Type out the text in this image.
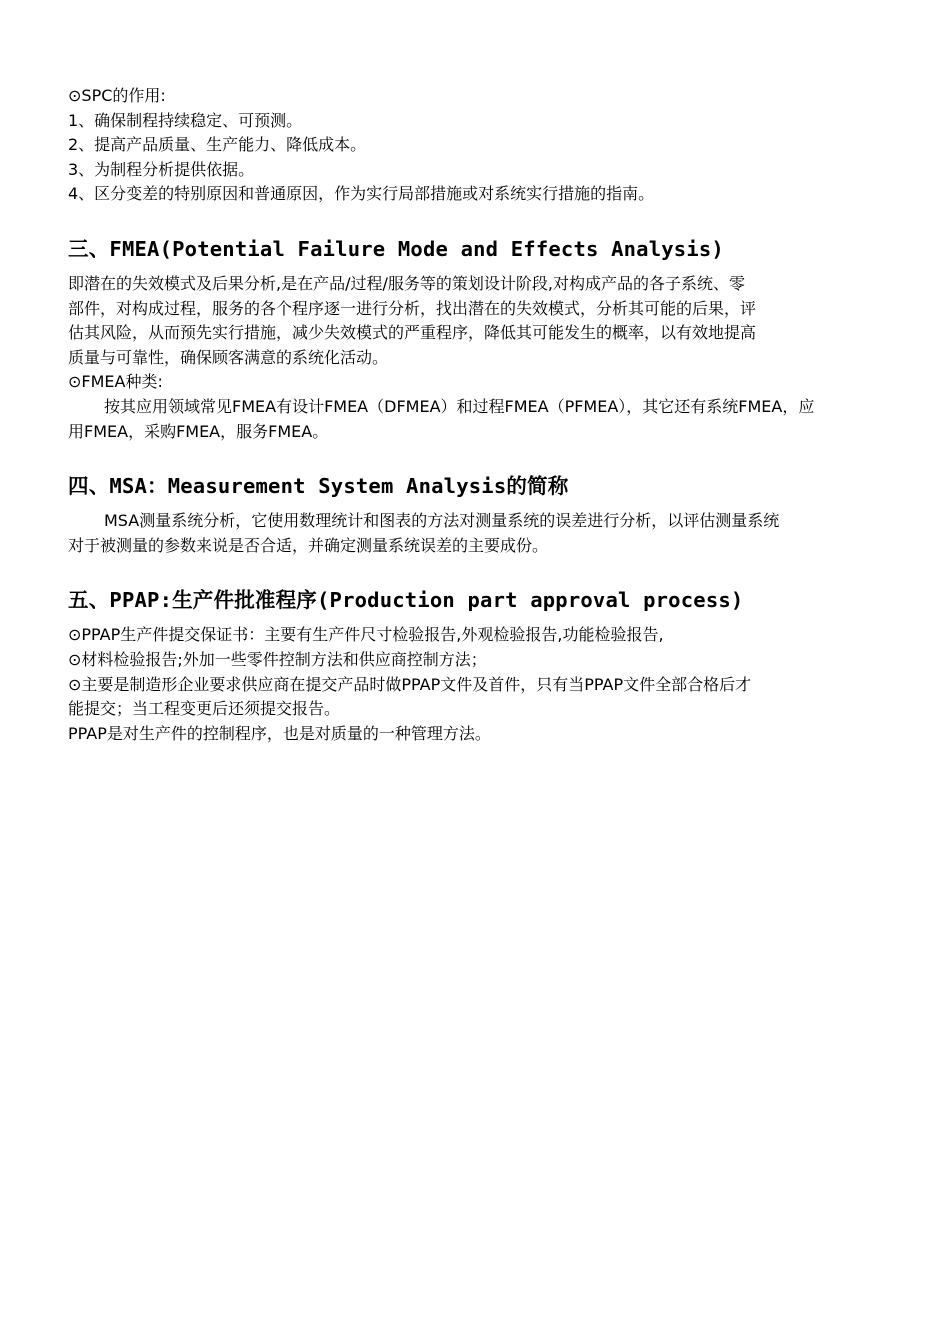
⊙SPC的作用:

1、确保制程持续稳定、可预测。

2、提高产品质量、生产能力、降低成本。

3、为制程分析提供依据。

4、区分变差的特别原因和普通原因，作为实行局部措施或对系统实行措施的指南。

三、FMEA(Potential Failure Mode and Effects Analysis)

即潜在的失效模式及后果分析,是在产品/过程/服务等的策划设计阶段,对构成产品的各子系统、零

部件，对构成过程，服务的各个程序逐一进行分析，找出潜在的失效模式，分析其可能的后果，评

估其风险，从而预先实行措施，减少失效模式的严重程序，降低其可能发生的概率，以有效地提高

质量与可靠性，确保顾客满意的系统化活动。

⊙FMEA种类:

按其应用领域常见FMEA有设计FMEA（DFMEA）和过程FMEA（PFMEA），其它还有系统FMEA，应

用FMEA，采购FMEA，服务FMEA。

四、MSA：Measurement System Analysis的简称

MSA测量系统分析，它使用数理统计和图表的方法对测量系统的误差进行分析，以评估测量系统

对于被测量的参数来说是否合适，并确定测量系统误差的主要成份。

五、PPAP:生产件批准程序(Production part approval process)

⊙PPAP生产件提交保证书：主要有生产件尺寸检验报告,外观检验报告,功能检验报告,

⊙材料检验报告;外加一些零件控制方法和供应商控制方法；

⊙主要是制造形企业要求供应商在提交产品时做PPAP文件及首件，只有当PPAP文件全部合格后才

能提交；当工程变更后还须提交报告。

PPAP是对生产件的控制程序，也是对质量的一种管理方法。
